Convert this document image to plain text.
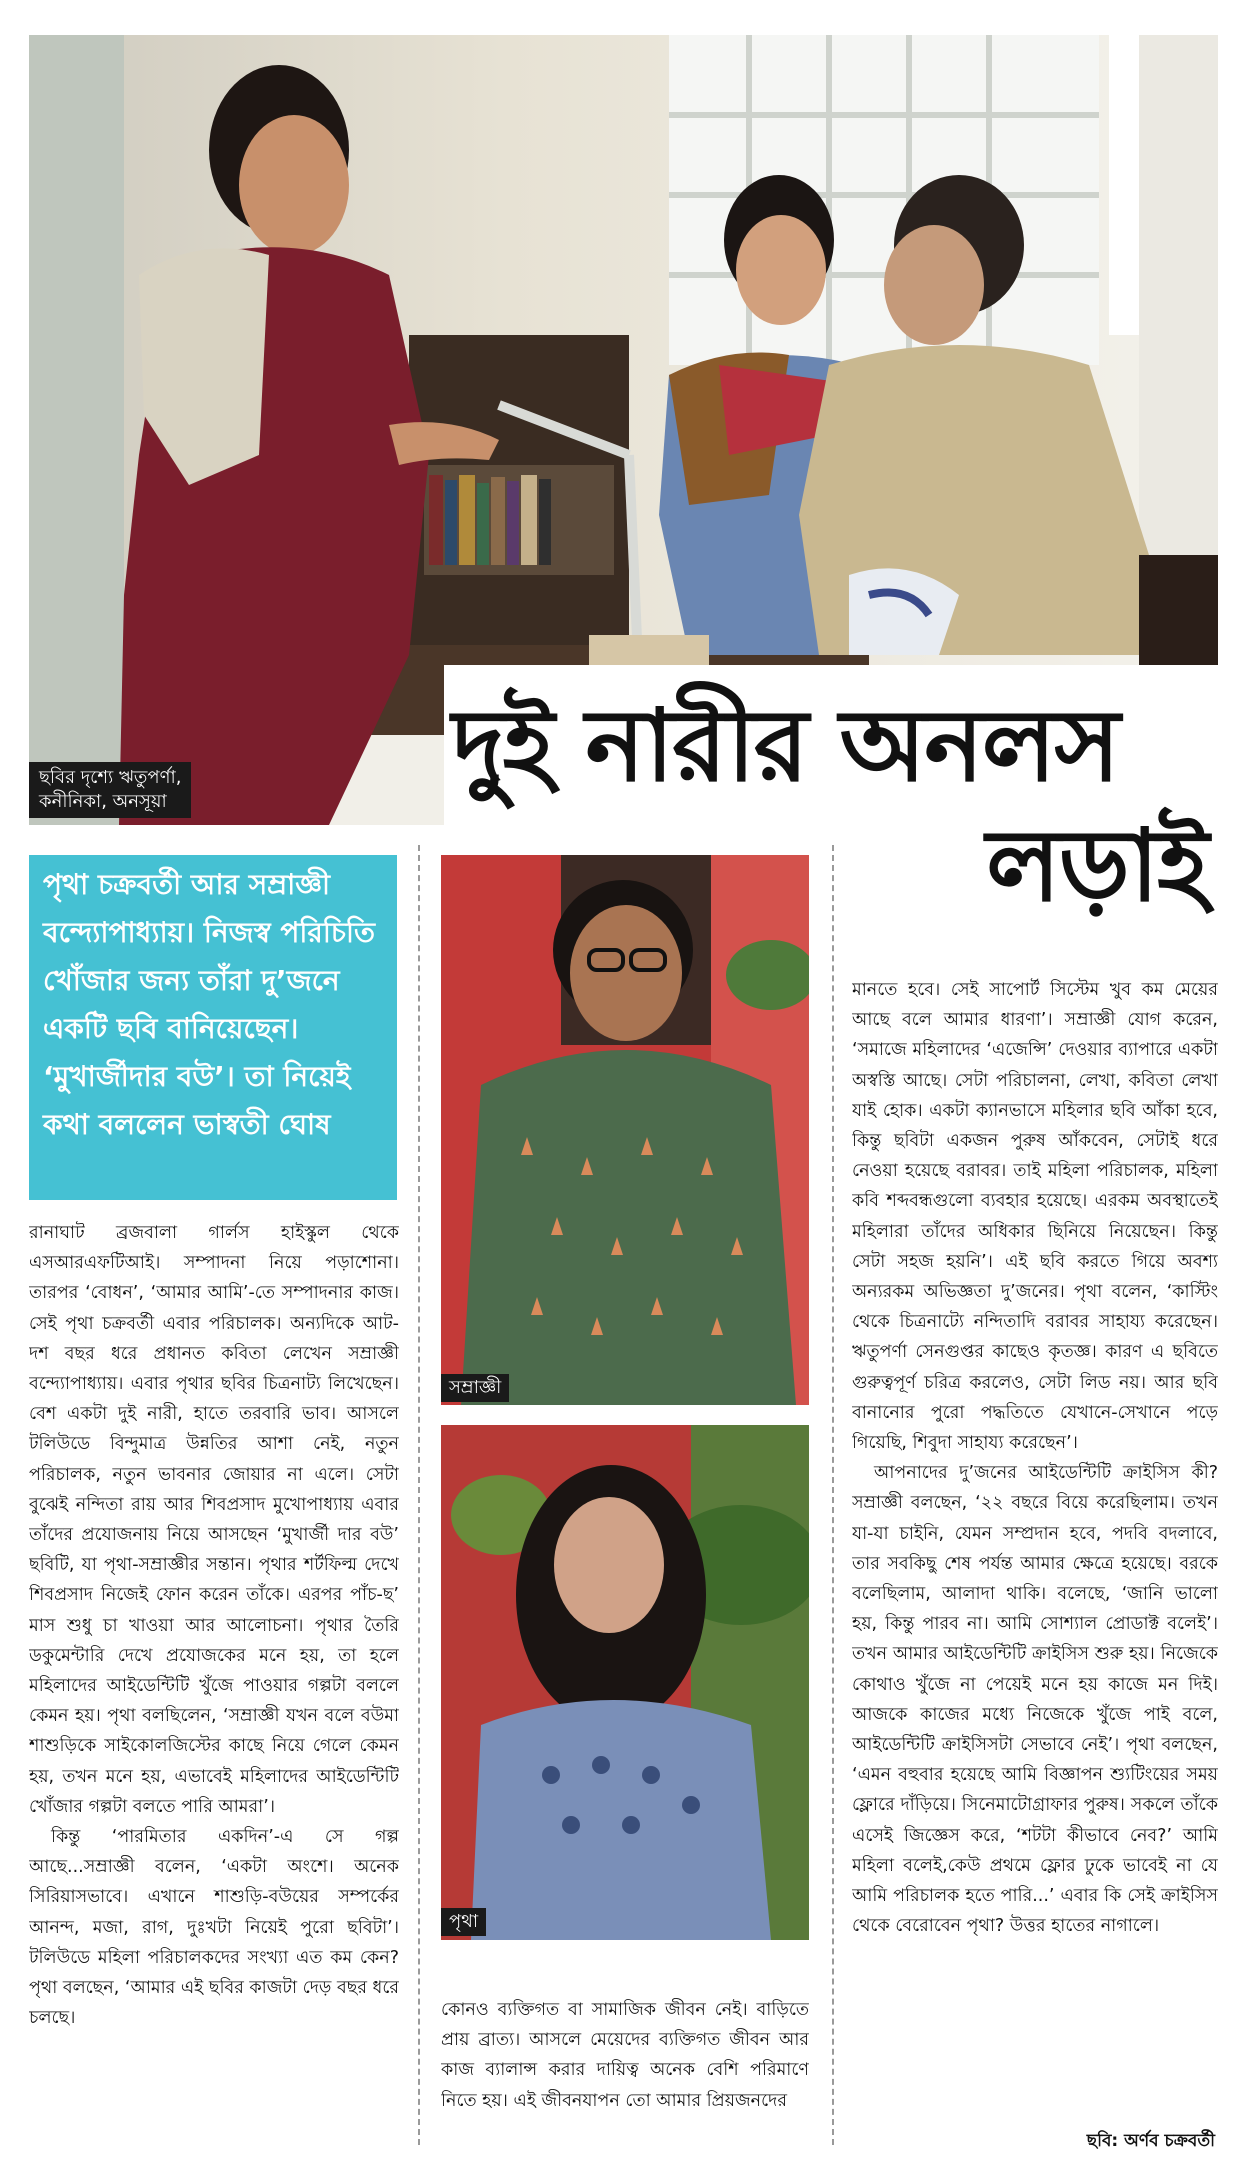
ছবির দৃশ্যে ঋতুপর্ণা,
কনীনিকা, অনসূয়া	দুই নারীর অনলস
লড়াই
পৃথা চক্রবর্তী আর সম্রাজ্ঞী বন্দ্যোপাধ্যায়। নিজস্ব পরিচিতি খোঁজার জন্য তাঁরা দু’জনে একটি ছবি বানিয়েছেন। ‘মুখার্জীদার বউ’। তা নিয়েই কথা বললেন ভাস্বতী ঘোষ
সম্রাজ্ঞী
পৃথা

রানাঘাট ব্রজবালা গার্লস হাইস্কুল থেকে এসআরএফটিআই। সম্পাদনা নিয়ে পড়াশোনা। তারপর ‘বোধন’, ‘আমার আমি’-তে সম্পাদনার কাজ। সেই পৃথা চক্রবর্তী এবার পরিচালক। অন্যদিকে আট-দশ বছর ধরে প্রধানত কবিতা লেখেন সম্রাজ্ঞী বন্দ্যোপাধ্যায়। এবার পৃথার ছবির চিত্রনাট্য লিখেছেন। বেশ একটা দুই নারী, হাতে তরবারি ভাব। আসলে টলিউডে বিন্দুমাত্র উন্নতির আশা নেই, নতুন পরিচালক, নতুন ভাবনার জোয়ার না এলে। সেটা বুঝেই নন্দিতা রায় আর শিবপ্রসাদ মুখোপাধ্যায় এবার তাঁদের প্রযোজনায় নিয়ে আসছেন ‘মুখার্জী দার বউ’ ছবিটি, যা পৃথা-সম্রাজ্ঞীর সন্তান। পৃথার শর্টফিল্ম দেখে শিবপ্রসাদ নিজেই ফোন করেন তাঁকে। এরপর পাঁচ-ছ’ মাস শুধু চা খাওয়া আর আলোচনা। পৃথার তৈরি ডকুমেন্টারি দেখে প্রযোজকের মনে হয়, তা হলে মহিলাদের আইডেন্টিটি খুঁজে পাওয়ার গল্পটা বললে কেমন হয়। পৃথা বলছিলেন, ‘সম্রাজ্ঞী যখন বলে বউমা শাশুড়িকে সাইকোলজিস্টের কাছে নিয়ে গেলে কেমন হয়, তখন মনে হয়, এভাবেই মহিলাদের আইডেন্টিটি খোঁজার গল্পটা বলতে পারি আমরা’।

কিন্তু ‘পারমিতার একদিন’-এ সে গল্প আছে...সম্রাজ্ঞী বলেন, ‘একটা অংশে। অনেক সিরিয়াসভাবে। এখানে শাশুড়ি-বউয়ের সম্পর্কের আনন্দ, মজা, রাগ, দুঃখটা নিয়েই পুরো ছবিটা’। টলিউডে মহিলা পরিচালকদের সংখ্যা এত কম কেন? পৃথা বলছেন, ‘আমার এই ছবির কাজটা দেড় বছর ধরে চলছে।	কোনও ব্যক্তিগত বা সামাজিক জীবন নেই। বাড়িতে প্রায় ব্রাত্য। আসলে মেয়েদের ব্যক্তিগত জীবন আর কাজ ব্যালান্স করার দায়িত্ব অনেক বেশি পরিমাণে নিতে হয়। এই জীবনযাপন তো আমার প্রিয়জনদের

মানতে হবে। সেই সাপোর্ট সিস্টেম খুব কম মেয়ের আছে বলে আমার ধারণা’। সম্রাজ্ঞী যোগ করেন, ‘সমাজে মহিলাদের ‘এজেন্সি’ দেওয়ার ব্যাপারে একটা অস্বস্তি আছে। সেটা পরিচালনা, লেখা, কবিতা লেখা যাই হোক। একটা ক্যানভাসে মহিলার ছবি আঁকা হবে, কিন্তু ছবিটা একজন পুরুষ আঁকবেন, সেটাই ধরে নেওয়া হয়েছে বরাবর। তাই মহিলা পরিচালক, মহিলা কবি শব্দবন্ধগুলো ব্যবহার হয়েছে। এরকম অবস্থাতেই মহিলারা তাঁদের অধিকার ছিনিয়ে নিয়েছেন। কিন্তু সেটা সহজ হয়নি’। এই ছবি করতে গিয়ে অবশ্য অন্যরকম অভিজ্ঞতা দু’জনের। পৃথা বলেন, ‘কাস্টিং থেকে চিত্রনাট্যে নন্দিতাদি বরাবর সাহায্য করেছেন। ঋতুপর্ণা সেনগুপ্তর কাছেও কৃতজ্ঞ। কারণ এ ছবিতে গুরুত্বপূর্ণ চরিত্র করলেও, সেটা লিড নয়। আর ছবি বানানোর পুরো পদ্ধতিতে যেখানে-সেখানে পড়ে গিয়েছি, শিবুদা সাহায্য করেছেন’।

আপনাদের দু’জনের আইডেন্টিটি ক্রাইসিস কী? সম্রাজ্ঞী বলছেন, ‘২২ বছরে বিয়ে করেছিলাম। তখন যা-যা চাইনি, যেমন সম্প্রদান হবে, পদবি বদলাবে, তার সবকিছু শেষ পর্যন্ত আমার ক্ষেত্রে হয়েছে। বরকে বলেছিলাম, আলাদা থাকি। বলেছে, ‘জানি ভালো হয়, কিন্তু পারব না। আমি সোশ্যাল প্রোডাক্ট বলেই’। তখন আমার আইডেন্টিটি ক্রাইসিস শুরু হয়। নিজেকে কোথাও খুঁজে না পেয়েই মনে হয় কাজে মন দিই। আজকে কাজের মধ্যে নিজেকে খুঁজে পাই বলে, আইডেন্টিটি ক্রাইসিসটা সেভাবে নেই’। পৃথা বলছেন, ‘এমন বহুবার হয়েছে আমি বিজ্ঞাপন শ্যুটিংয়ের সময় ফ্লোরে দাঁড়িয়ে। সিনেমাটোগ্রাফার পুরুষ। সকলে তাঁকে এসেই জিজ্ঞেস করে, ‘শটটা কীভাবে নেব?’ আমি মহিলা বলেই,কেউ প্রথমে ফ্লোর ঢুকে ভাবেই না যে আমি পরিচালক হতে পারি...’ এবার কি সেই ক্রাইসিস থেকে বেরোবেন পৃথা? উত্তর হাতের নাগালে।

ছবি: অর্ণব চক্রবর্তী
